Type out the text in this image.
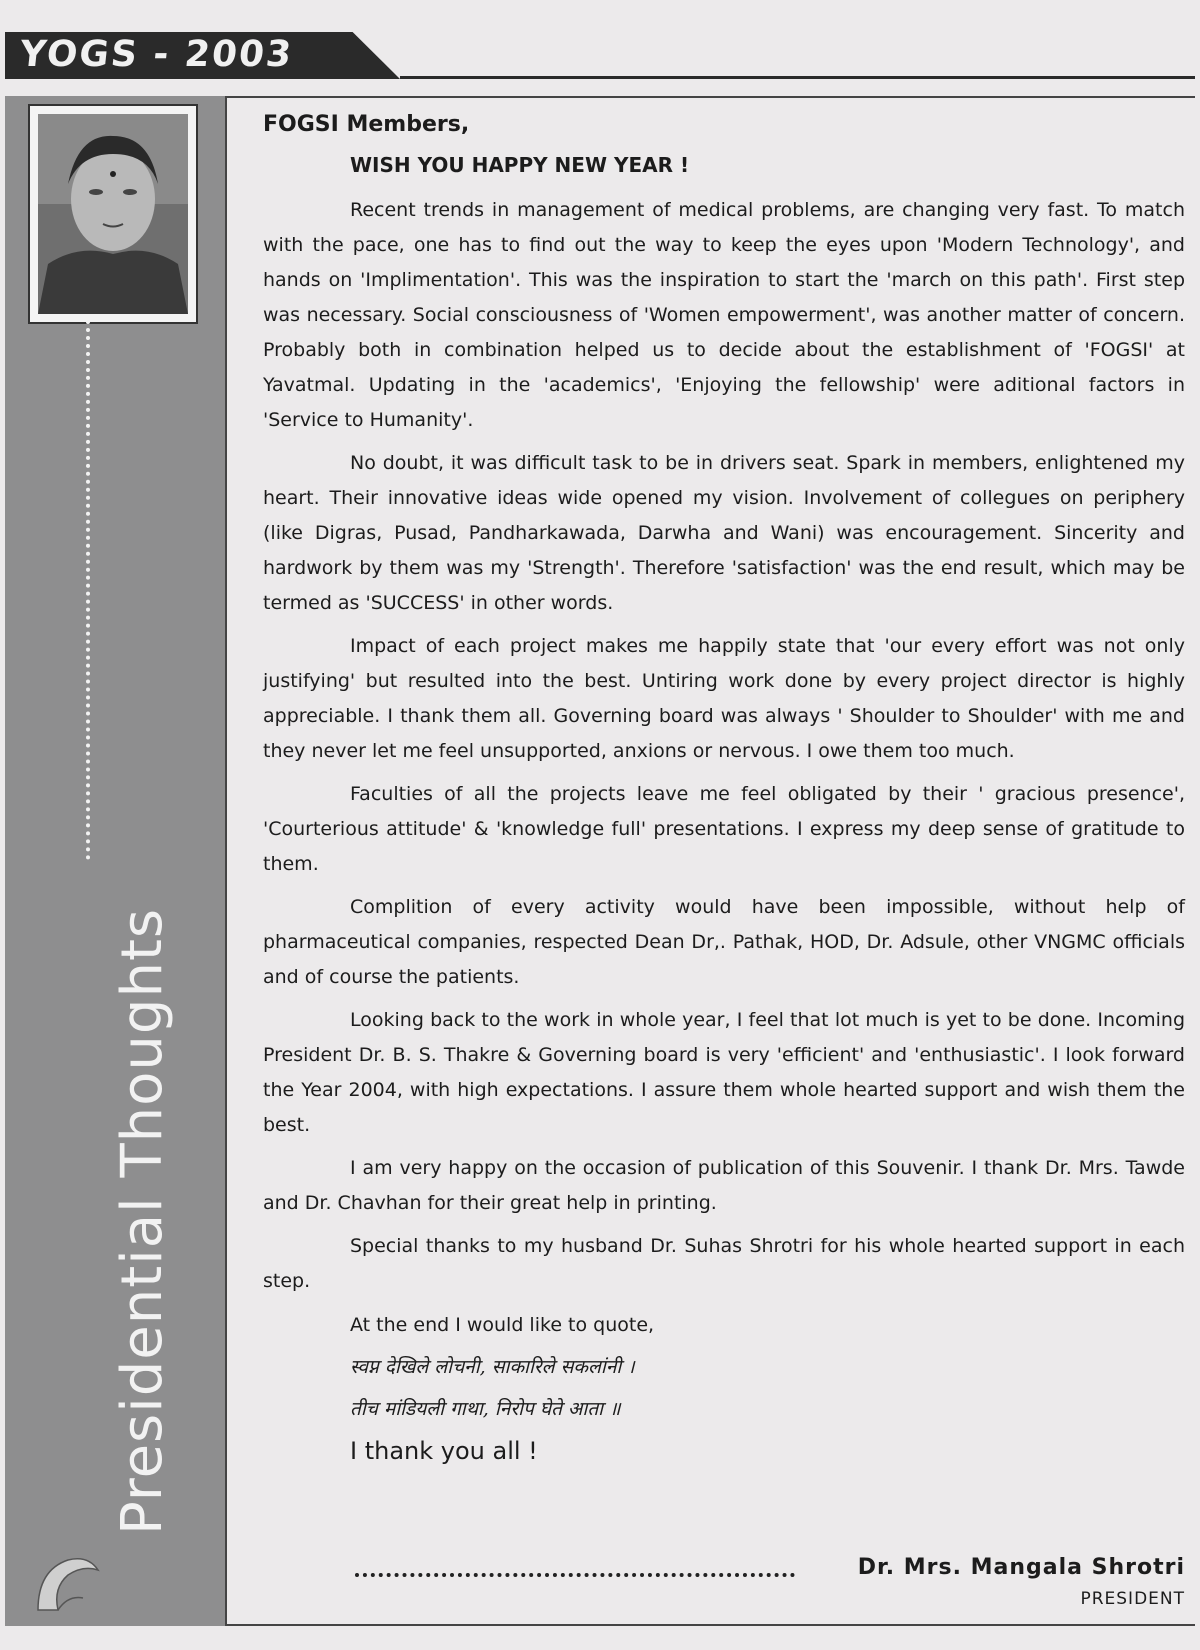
YOGS - 2003
Presidential Thoughts
FOGSI Members,
WISH YOU HAPPY NEW YEAR !

Recent trends in management of medical problems, are changing very fast. To match with the pace, one has to find out the way to keep the eyes upon 'Modern Technology', and hands on 'Implimentation'. This was the inspiration to start the 'march on this path'. First step was necessary. Social consciousness of 'Women empowerment', was another matter of concern. Probably both in combination helped us to decide about the establishment of 'FOGSI' at Yavatmal. Updating in the 'academics', 'Enjoying the fellowship' were aditional factors in 'Service to Humanity'.

No doubt, it was difficult task to be in drivers seat. Spark in members, enlightened my heart. Their innovative ideas wide opened my vision. Involvement of collegues on periphery (like Digras, Pusad, Pandharkawada, Darwha and Wani) was encouragement. Sincerity and hardwork by them was my 'Strength'. Therefore 'satisfaction' was the end result, which may be termed as 'SUCCESS' in other words.

Impact of each project makes me happily state that 'our every effort was not only justifying' but resulted into the best. Untiring work done by every project director is highly appreciable. I thank them all. Governing board was always ' Shoulder to Shoulder' with me and they never let me feel unsupported, anxions or nervous. I owe them too much.

Faculties of all the projects leave me feel obligated by their ' gracious presence', 'Courterious attitude' & 'knowledge full' presentations. I express my deep sense of gratitude to them.

Complition of every activity would have been impossible, without help of pharmaceutical companies, respected Dean Dr,. Pathak, HOD, Dr. Adsule, other VNGMC officials and of course the patients.

Looking back to the work in whole year, I feel that lot much is yet to be done. Incoming President Dr. B. S. Thakre & Governing board is very 'efficient' and 'enthusiastic'. I look forward the Year 2004, with high expectations. I assure them whole hearted support and wish them the best.

I am very happy on the occasion of publication of this Souvenir. I thank Dr. Mrs. Tawde and Dr. Chavhan for their great help in printing.

Special thanks to my husband Dr. Suhas Shrotri for his whole hearted support in each step.

At the end I would like to quote,
स्वप्न देखिले लोचनी, साकारिले सकलांनी ।
तीच मांडियली गाथा, निरोप घेते आता ॥
I thank you all !
Dr. Mrs. Mangala Shrotri
PRESIDENT
